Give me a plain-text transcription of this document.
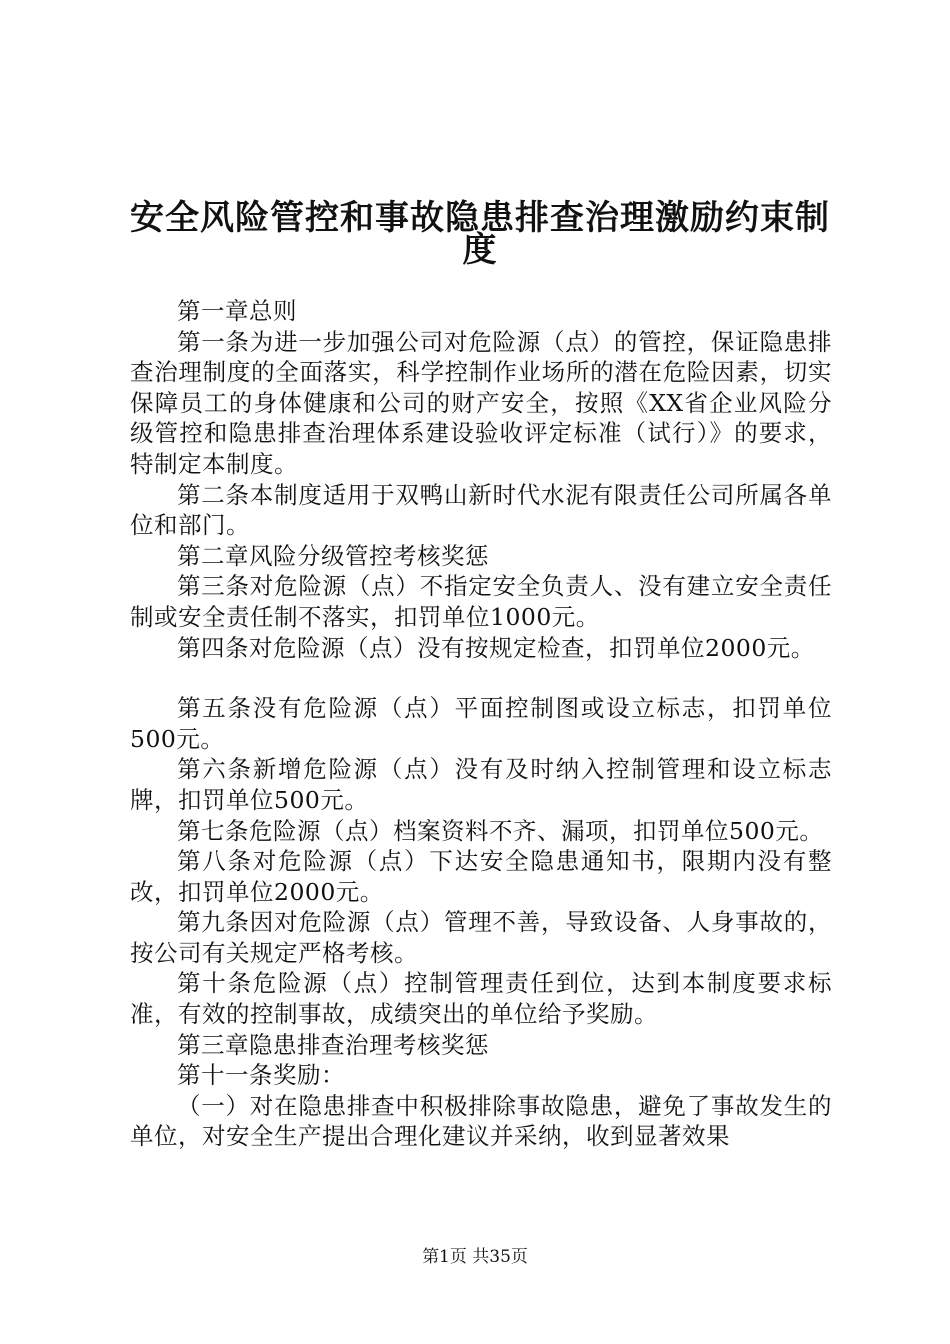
安全风险管控和事故隐患排查治理激励约束制
度

第一章总则

第一条为进一步加强公司对危险源（点）的管控，保证隐患排查治理制度的全面落实，科学控制作业场所的潜在危险因素，切实保障员工的身体健康和公司的财产安全，按照《XX省企业风险分级管控和隐患排查治理体系建设验收评定标准（试行）》的要求，特制定本制度。

第二条本制度适用于双鸭山新时代水泥有限责任公司所属各单位和部门。

第二章风险分级管控考核奖惩

第三条对危险源（点）不指定安全负责人、没有建立安全责任制或安全责任制不落实，扣罚单位1000元。

第四条对危险源（点）没有按规定检查，扣罚单位2000元。

第五条没有危险源（点）平面控制图或设立标志，扣罚单位500元。

第六条新增危险源（点）没有及时纳入控制管理和设立标志牌，扣罚单位500元。

第七条危险源（点）档案资料不齐、漏项，扣罚单位500元。

第八条对危险源（点）下达安全隐患通知书，限期内没有整改，扣罚单位2000元。

第九条因对危险源（点）管理不善，导致设备、人身事故的，按公司有关规定严格考核。

第十条危险源（点）控制管理责任到位，达到本制度要求标准，有效的控制事故，成绩突出的单位给予奖励。

第三章隐患排查治理考核奖惩

第十一条奖励：

（一）对在隐患排查中积极排除事故隐患，避免了事故发生的单位，对安全生产提出合理化建议并采纳，收到显著效果

第1页 共35页
